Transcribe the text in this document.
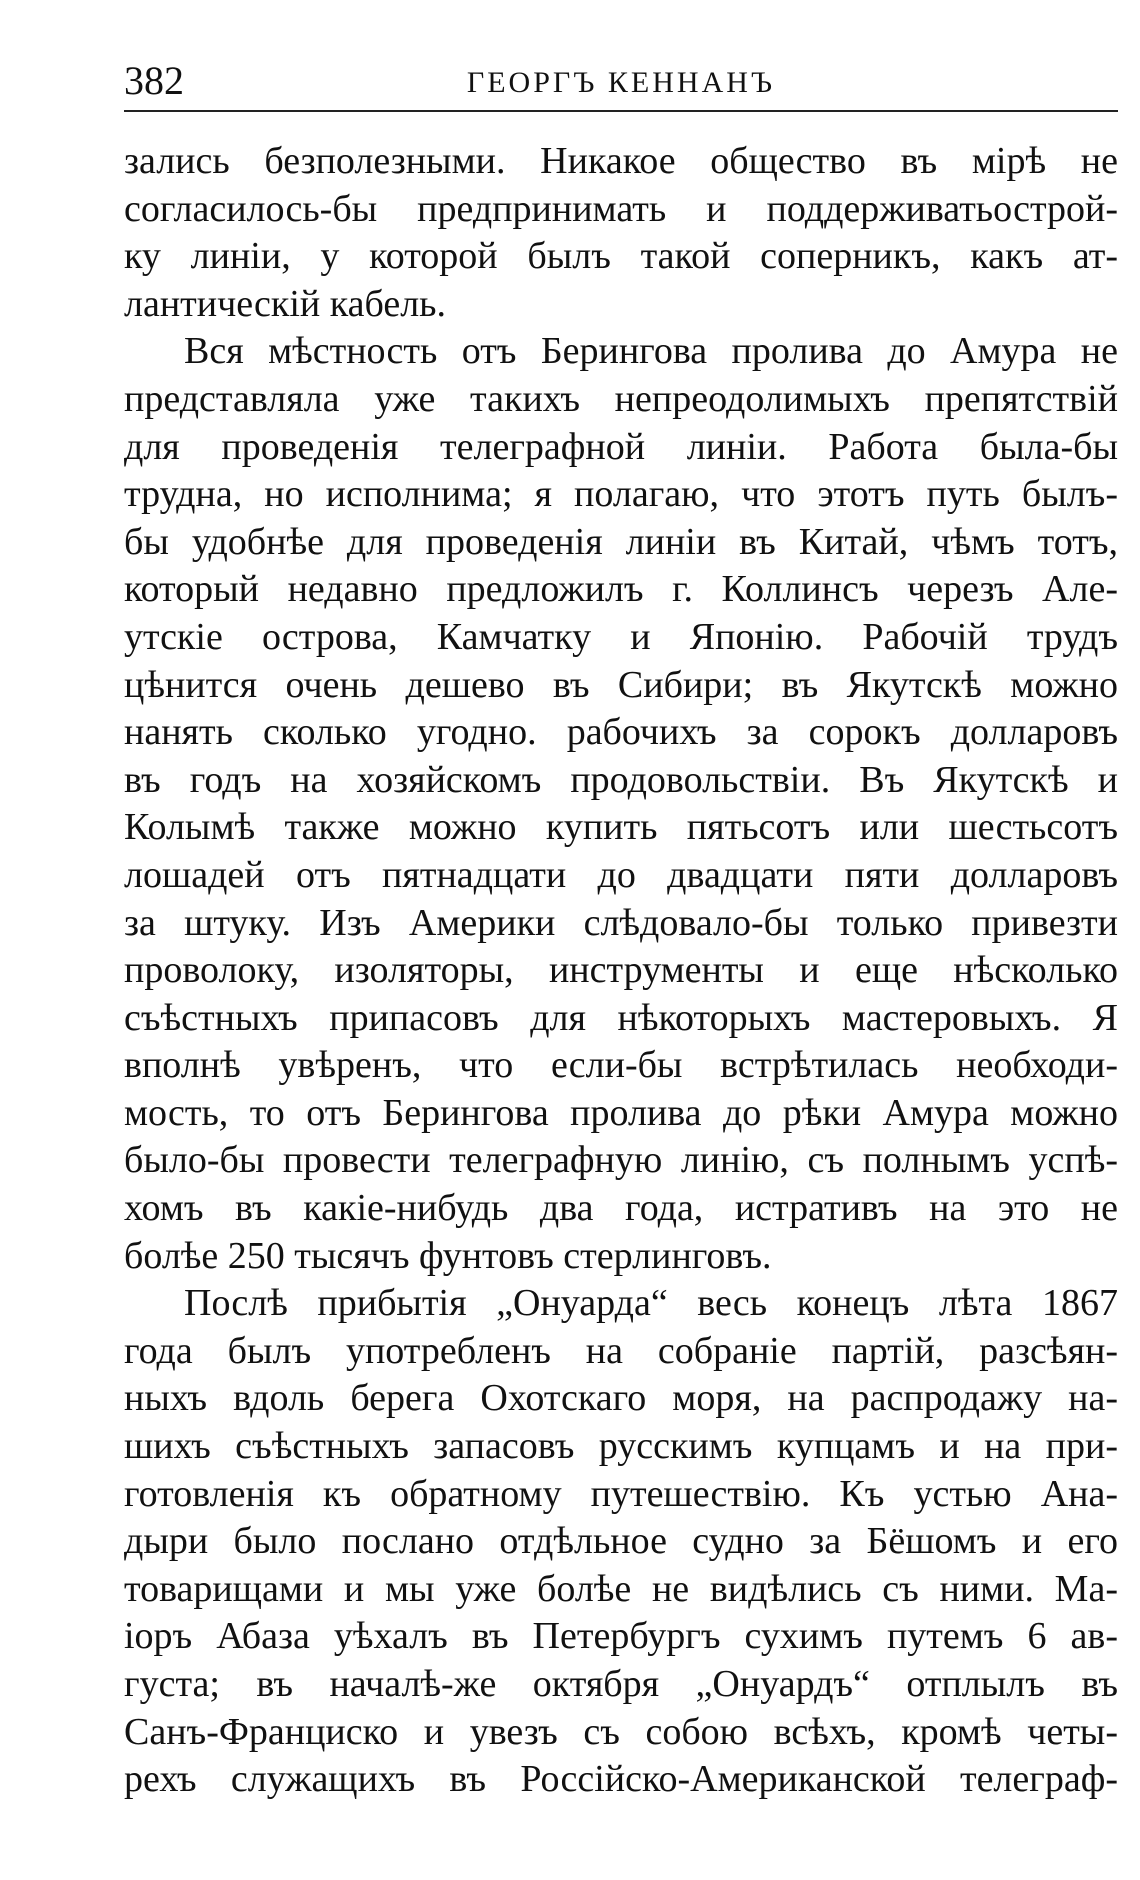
382	ГЕОРГЪ КЕННАНЪ
зались безполезными. Никакое общество въ мірѣ не
согласилось-бы предпринимать и поддерживатьострой-
ку линіи, у которой былъ такой соперникъ, какъ ат-
лантическій кабель.
Вся мѣстность отъ Берингова пролива до Амура не
представляла уже такихъ непреодолимыхъ препятствій
для проведенія телеграфной линіи. Работа была-бы
трудна, но исполнима; я полагаю, что этотъ путь былъ-
бы удобнѣе для проведенія линіи въ Китай, чѣмъ тотъ,
который недавно предложилъ г. Коллинсъ черезъ Але-
утскіе острова, Камчатку и Японію. Рабочій трудъ
цѣнится очень дешево въ Сибири; въ Якутскѣ можно
нанять сколько угодно. рабочихъ за сорокъ долларовъ
въ годъ на хозяйскомъ продовольствіи. Въ Якутскѣ и
Колымѣ также можно купить пятьсотъ или шестьсотъ
лошадей отъ пятнадцати до двадцати пяти долларовъ
за штуку. Изъ Америки слѣдовало-бы только привезти
проволоку, изоляторы, инструменты и еще нѣсколько
съѣстныхъ припасовъ для нѣкоторыхъ мастеровыхъ. Я
вполнѣ увѣренъ, что если-бы встрѣтилась необходи-
мость, то отъ Берингова пролива до рѣки Амура можно
было-бы провести телеграфную линію, съ полнымъ успѣ-
хомъ въ какіе-нибудь два года, истративъ на это не
болѣе 250 тысячъ фунтовъ стерлинговъ.
Послѣ прибытія „Онуарда“ весь конецъ лѣта 1867
года былъ употребленъ на собраніе партій, разсѣян-
ныхъ вдоль берега Охотскаго моря, на распродажу на-
шихъ съѣстныхъ запасовъ русскимъ купцамъ и на при-
готовленія къ обратному путешествію. Къ устью Ана-
дыри было послано отдѣльное судно за Бёшомъ и его
товарищами и мы уже болѣе не видѣлись съ ними. Ма-
іоръ Абаза уѣхалъ въ Петербургъ сухимъ путемъ 6 ав-
густа; въ началѣ-же октября „Онуардъ“ отплылъ въ
Санъ-Франциско и увезъ съ собою всѣхъ, кромѣ четы-
рехъ служащихъ въ Россійско-Американской телеграф-
